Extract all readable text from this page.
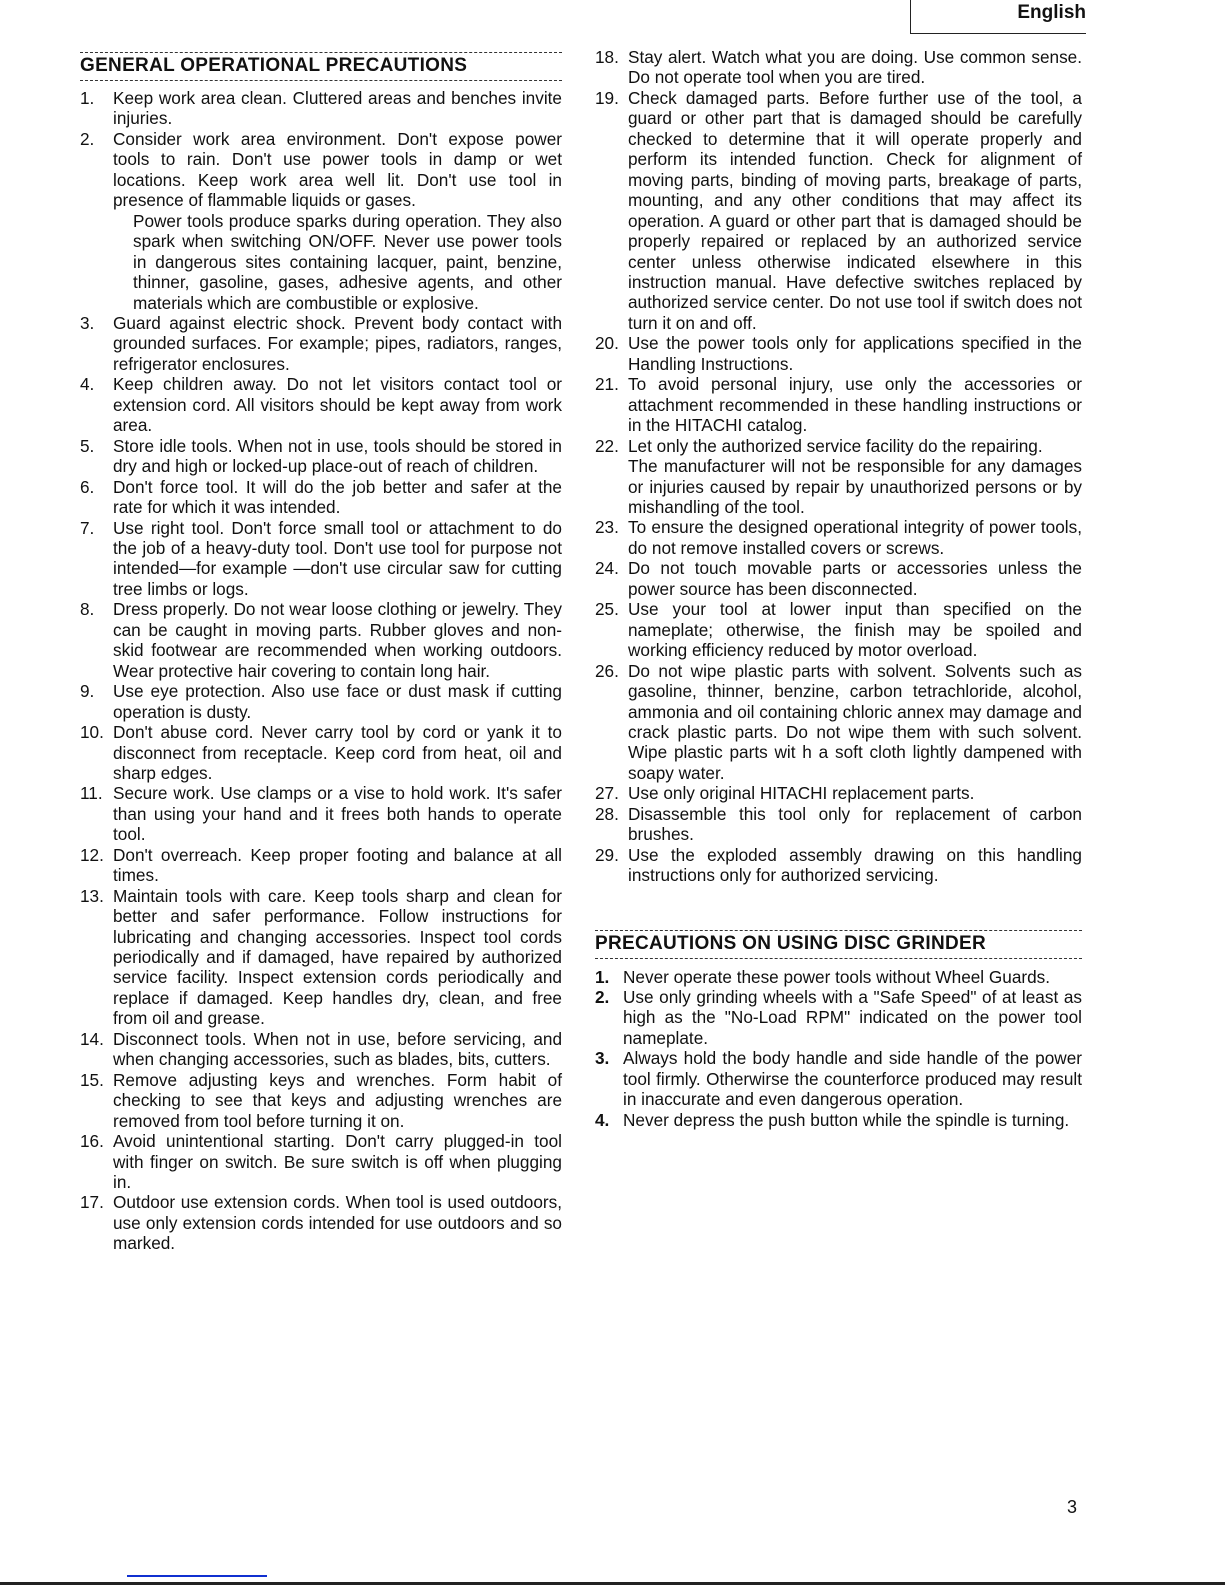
English
GENERAL OPERATIONAL PRECAUTIONS
1.	Keep work area clean. Cluttered areas and benches invite injuries.
2.	Consider work area environment. Don't expose power tools to rain. Don't use power tools in damp or wet locations. Keep work area well lit. Don't use tool in presence of flammable liquids or gases.
Power tools produce sparks during operation. They also spark when switching ON/OFF. Never use power tools in dangerous sites containing lacquer, paint, benzine, thinner, gasoline, gases, adhesive agents, and other materials which are combustible or explosive.
3.	Guard against electric shock. Prevent body contact with grounded surfaces. For example; pipes, radiators, ranges, refrigerator enclosures.
4.	Keep children away. Do not let visitors contact tool or extension cord. All visitors should be kept away from work area.
5.	Store idle tools. When not in use, tools should be stored in dry and high or locked-up place-out of reach of children.
6.	Don't force tool. It will do the job better and safer at the rate for which it was intended.
7.	Use right tool. Don't force small tool or attachment to do the job of a heavy-duty tool. Don't use tool for purpose not intended—for example —don't use circular saw for cutting tree limbs or logs.
8.	Dress properly. Do not wear loose clothing or jewelry. They can be caught in moving parts. Rubber gloves and non-skid footwear are recommended when working outdoors. Wear protective hair covering to contain long hair.
9.	Use eye protection. Also use face or dust mask if cutting operation is dusty.
10. Don't abuse cord. Never carry tool by cord or yank it to disconnect from receptacle. Keep cord from heat, oil and sharp edges.
11. Secure work. Use clamps or a vise to hold work. It's safer than using your hand and it frees both hands to operate tool.
12. Don't overreach. Keep proper footing and balance at all times.
13. Maintain tools with care. Keep tools sharp and clean for better and safer performance. Follow instructions for lubricating and changing accessories. Inspect tool cords periodically and if damaged, have repaired by authorized service facility. Inspect extension cords periodically and replace if damaged. Keep handles dry, clean, and free from oil and grease.
14. Disconnect tools. When not in use, before servicing, and when changing accessories, such as blades, bits, cutters.
15. Remove adjusting keys and wrenches. Form habit of checking to see that keys and adjusting wrenches are removed from tool before turning it on.
16. Avoid unintentional starting. Don't carry plugged-in tool with finger on switch. Be sure switch is off when plugging in.
17. Outdoor use extension cords. When tool is used outdoors, use only extension cords intended for use outdoors and so marked.
18. Stay alert. Watch what you are doing. Use common sense. Do not operate tool when you are tired.
19. Check damaged parts. Before further use of the tool, a guard or other part that is damaged should be carefully checked to determine that it will operate properly and perform its intended function. Check for alignment of moving parts, binding of moving parts, breakage of parts, mounting, and any other conditions that may affect its operation. A guard or other part that is damaged should be properly repaired or replaced by an authorized service center unless otherwise indicated elsewhere in this instruction manual. Have defective switches replaced by authorized service center. Do not use tool if switch does not turn it on and off.
20. Use the power tools only for applications specified in the Handling Instructions.
21. To avoid personal injury, use only the accessories or attachment recommended in these handling instructions or in the HITACHI catalog.
22. Let only the authorized service facility do the repairing.
The manufacturer will not be responsible for any damages or injuries caused by repair by unauthorized persons or by mishandling of the tool.
23. To ensure the designed operational integrity of power tools, do not remove installed covers or screws.
24. Do not touch movable parts or accessories unless the power source has been disconnected.
25. Use your tool at lower input than specified on the nameplate; otherwise, the finish may be spoiled and working efficiency reduced by motor overload.
26. Do not wipe plastic parts with solvent. Solvents such as gasoline, thinner, benzine, carbon tetrachloride, alcohol, ammonia and oil containing chloric annex may damage and crack plastic parts. Do not wipe them with such solvent. Wipe plastic parts wit h a soft cloth lightly dampened with soapy water.
27. Use only original HITACHI replacement parts.
28. Disassemble this tool only for replacement of carbon brushes.
29. Use the exploded assembly drawing on this handling instructions only for authorized servicing.
PRECAUTIONS ON USING DISC GRINDER
1. Never operate these power tools without Wheel Guards.
2. Use only grinding wheels with a "Safe Speed" of at least as high as the "No-Load RPM" indicated on the power tool nameplate.
3. Always hold the body handle and side handle of the power tool firmly. Otherwirse the counterforce produced may result in inaccurate and even dangerous operation.
4. Never depress the push button while the spindle is turning.
3
